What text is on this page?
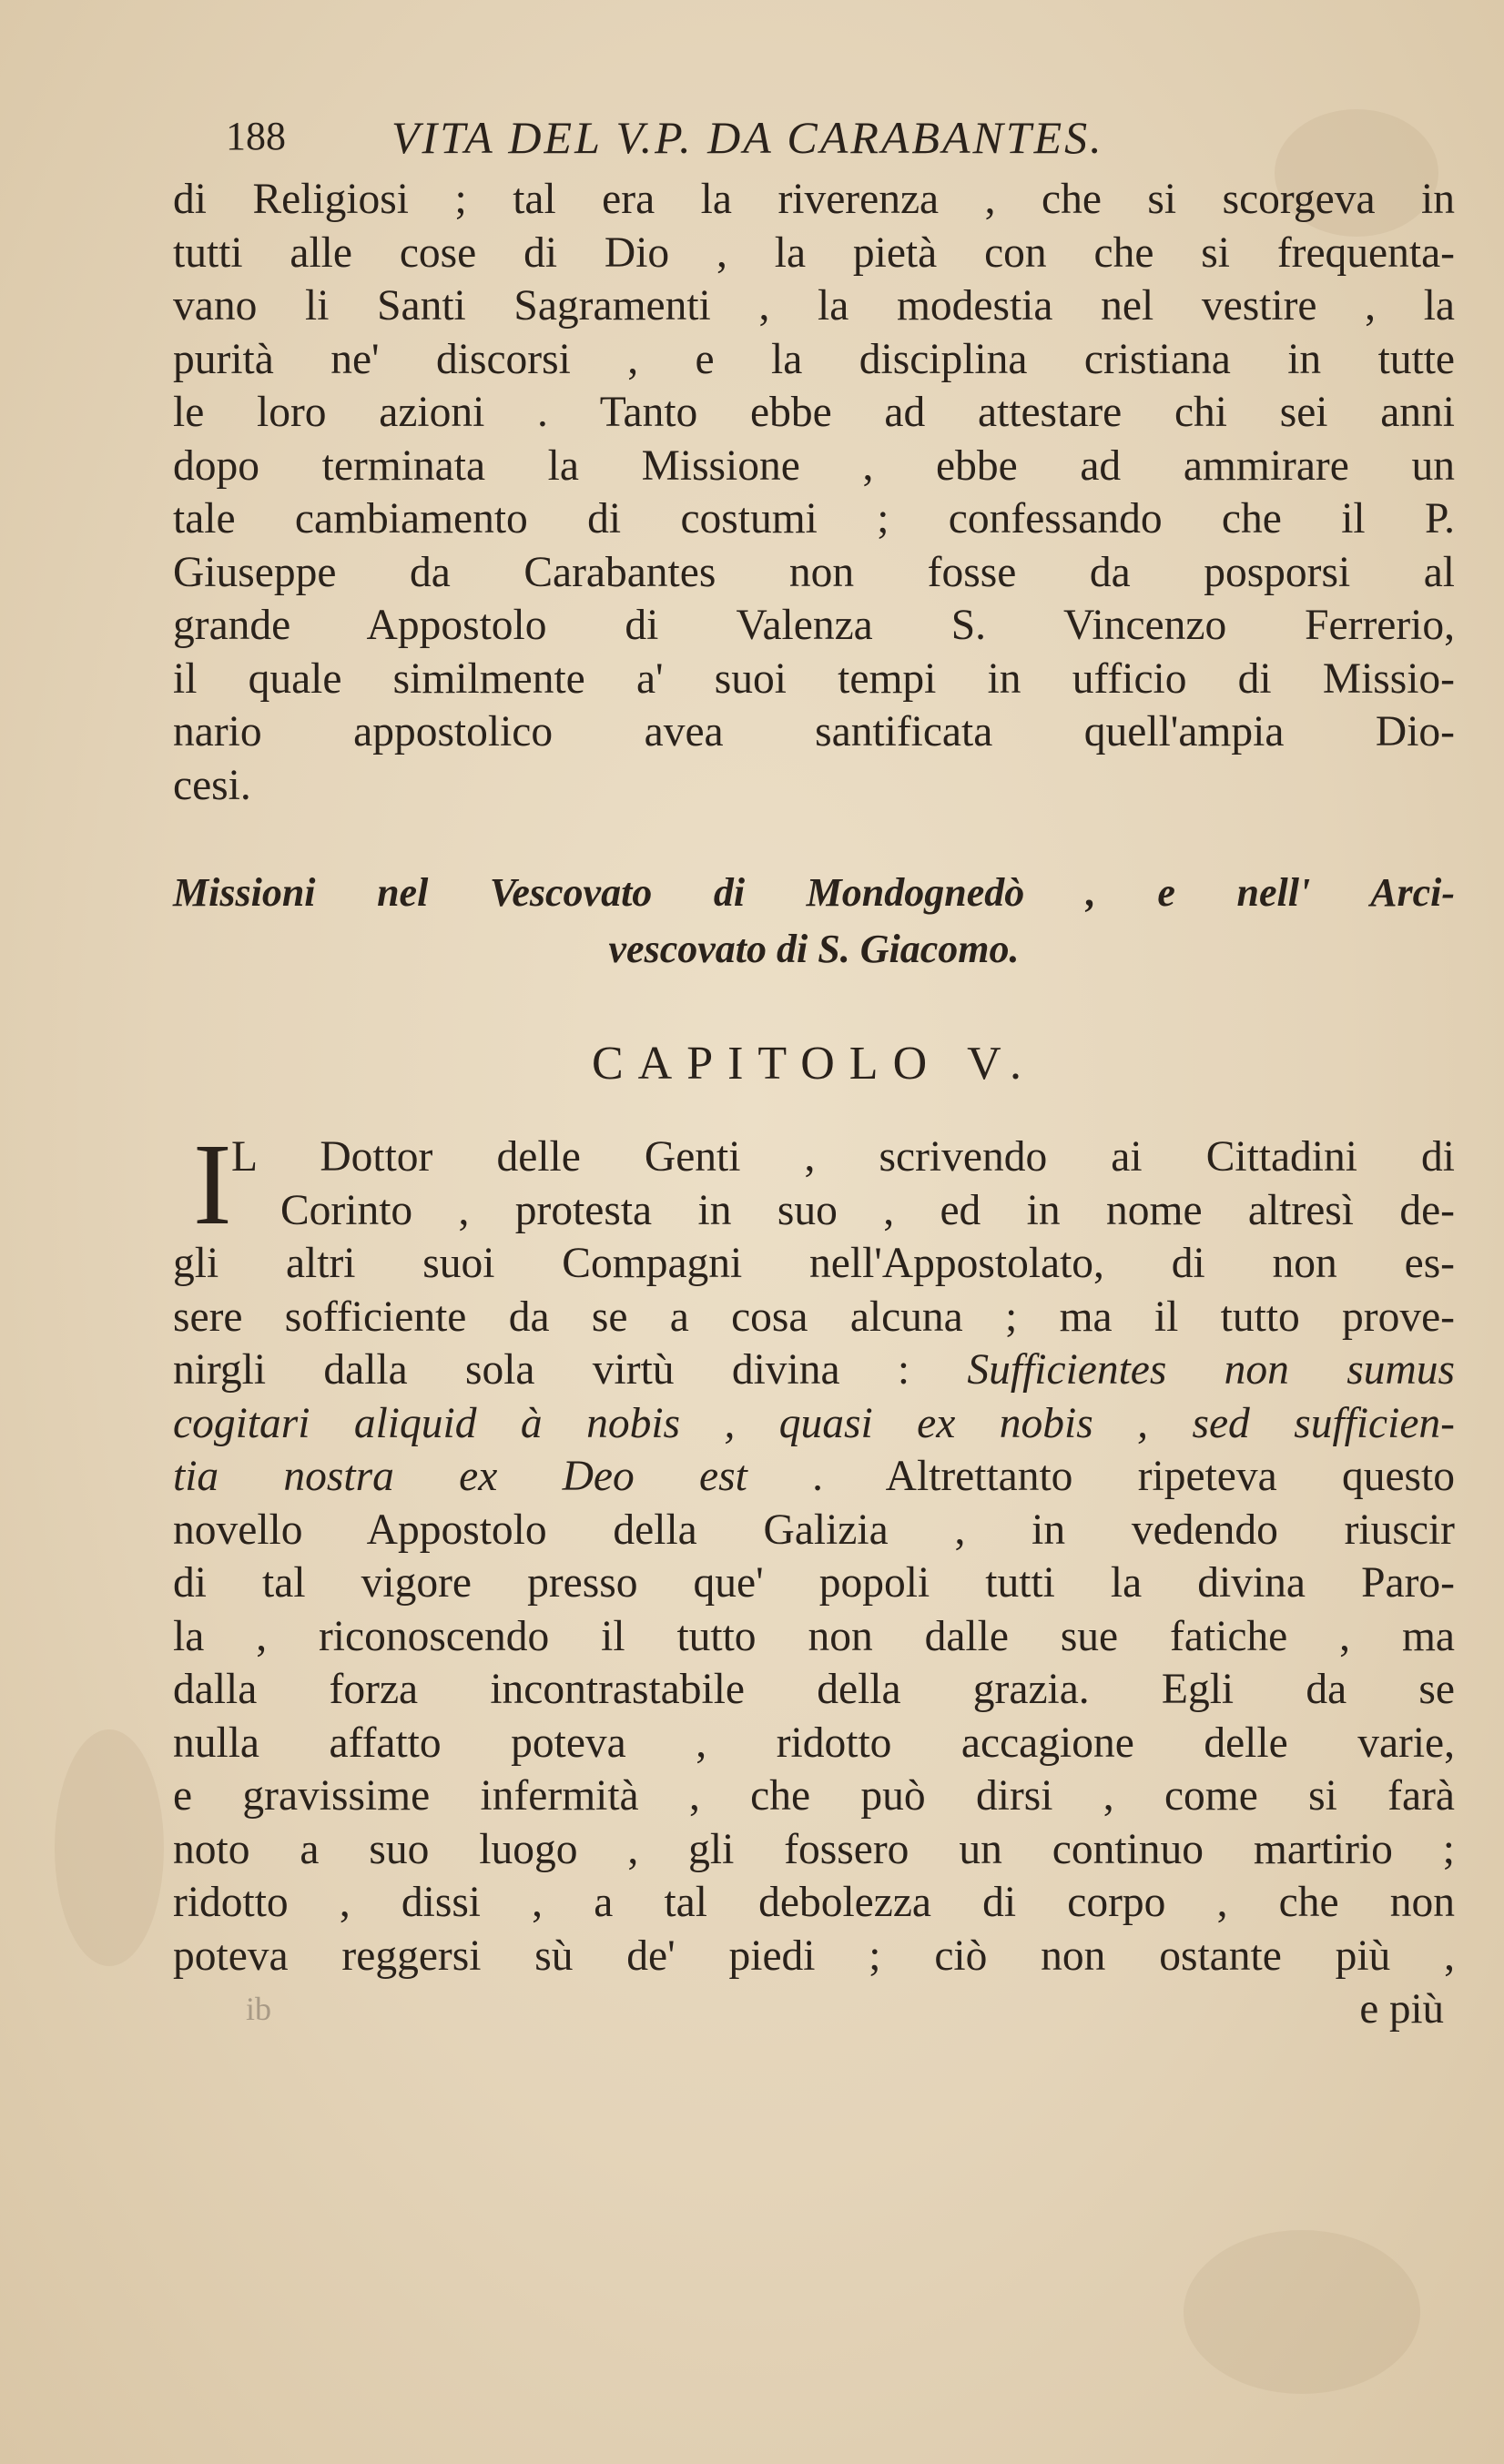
188 VITA DEL V.P. DA CARABANTES.
di Religiosi ; tal era la riverenza , che si scorgeva in
tutti alle cose di Dio , la pietà con che si frequenta-
vano li Santi Sagramenti , la modestia nel vestire , la
purità ne' discorsi , e la disciplina cristiana in tutte
le loro azioni . Tanto ebbe ad attestare chi sei anni
dopo terminata la Missione , ebbe ad ammirare un
tale cambiamento di costumi ; confessando che il P.
Giuseppe da Carabantes non fosse da posporsi al
grande Appostolo di Valenza S. Vincenzo Ferrerio,
il quale similmente a' suoi tempi in ufficio di Missio-
nario appostolico avea santificata quell'ampia Dio-
cesi.
Missioni nel Vescovato di Mondognedò , e nell' Arci-
vescovato di S. Giacomo.
CAPITOLO V.
I L Dottor delle Genti , scrivendo ai Cittadini di
Corinto , protesta in suo , ed in nome altresì de-
gli altri suoi Compagni nell'Appostolato, di non es-
sere sofficiente da se a cosa alcuna ; ma il tutto prove-
nirgli dalla sola virtù divina : Sufficientes non sumus
cogitari aliquid à nobis , quasi ex nobis , sed sufficien-
tia nostra ex Deo est . Altrettanto ripeteva questo
novello Appostolo della Galizia , in vedendo riuscir
di tal vigore presso que' popoli tutti la divina Paro-
la , riconoscendo il tutto non dalle sue fatiche , ma
dalla forza incontrastabile della grazia. Egli da se
nulla affatto poteva , ridotto accagione delle varie,
e gravissime infermità , che può dirsi , come si farà
noto a suo luogo , gli fossero un continuo martirio ;
ridotto , dissi , a tal debolezza di corpo , che non
poteva reggersi sù de' piedi ; ciò non ostante più ,
ib	e più
